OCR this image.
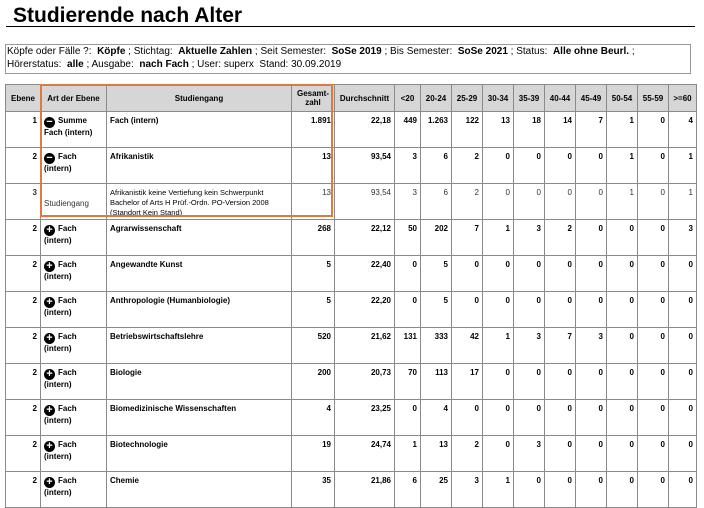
Studierende nach Alter
Köpfe oder Fälle ?: Köpfe ; Stichtag: Aktuelle Zahlen ; Seit Semester: SoSe 2019 ; Bis Semester: SoSe 2021 ; Status: Alle ohne Beurl. ;
Hörerstatus: alle ; Ausgabe: nach Fach ; User: superx Stand: 30.09.2019
Ebene	Art der Ebene	Studiengang	Gesamt-zahl	Durchschnitt	<20	20-24	25-29	30-34	35-39	40-44	45-49	50-54	55-59	>=60
1	− Summe Fach (intern)	Fach (intern)	1.891	22,18	449	1.263	122	13	18	14	7	1	0	4
2	− Fach (intern)	Afrikanistik	13	93,54	3	6	2	0	0	0	0	1	0	1
3	Studiengang	Afrikanistik keine Vertiefung kein Schwerpunkt Bachelor of Arts H Prüf.-Ordn. PO-Version 2008 (Standort Kein Stand)	13	93,54	3	6	2	0	0	0	0	1	0	1
2	+ Fach (intern)	Agrarwissenschaft	268	22,12	50	202	7	1	3	2	0	0	0	3
2	+ Fach (intern)	Angewandte Kunst	5	22,40	0	5	0	0	0	0	0	0	0	0
2	+ Fach (intern)	Anthropologie (Humanbiologie)	5	22,20	0	5	0	0	0	0	0	0	0	0
2	+ Fach (intern)	Betriebswirtschaftslehre	520	21,62	131	333	42	1	3	7	3	0	0	0
2	+ Fach (intern)	Biologie	200	20,73	70	113	17	0	0	0	0	0	0	0
2	+ Fach (intern)	Biomedizinische Wissenschaften	4	23,25	0	4	0	0	0	0	0	0	0	0
2	+ Fach (intern)	Biotechnologie	19	24,74	1	13	2	0	3	0	0	0	0	0
2	+ Fach (intern)	Chemie	35	21,86	6	25	3	1	0	0	0	0	0	0
